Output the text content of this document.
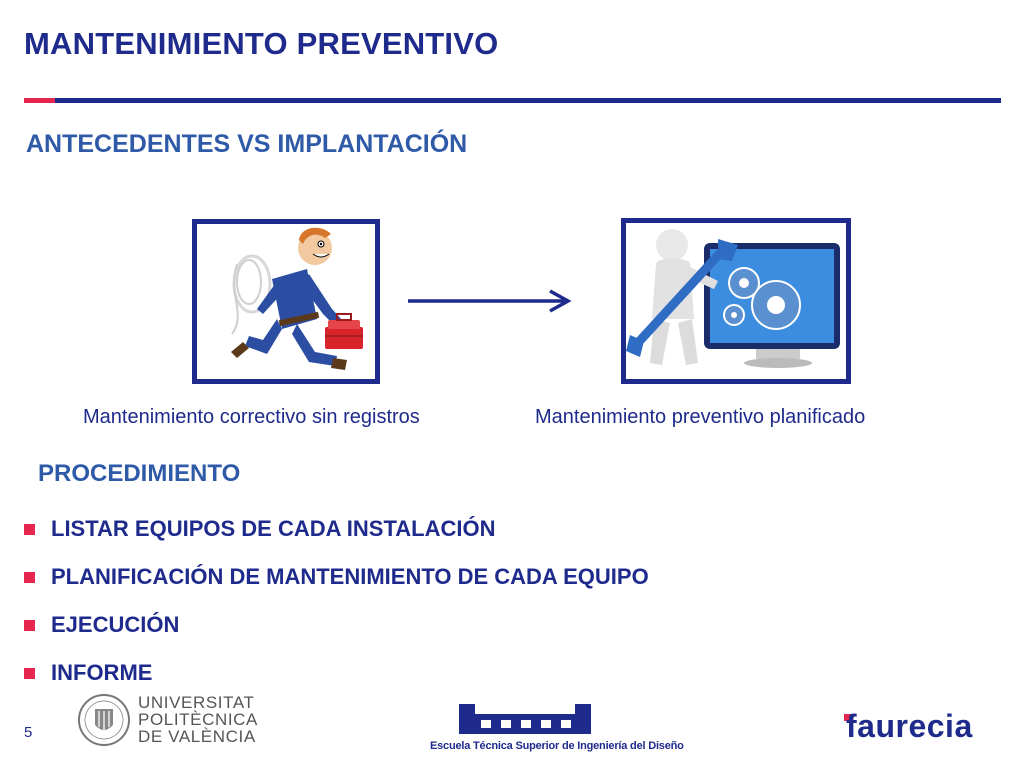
MANTENIMIENTO PREVENTIVO
ANTECEDENTES VS IMPLANTACIÓN
Mantenimiento correctivo sin registros	Mantenimiento preventivo planificado
PROCEDIMIENTO
LISTAR EQUIPOS DE CADA INSTALACIÓN
PLANIFICACIÓN DE MANTENIMIENTO DE CADA EQUIPO
EJECUCIÓN
INFORME
5
UNIVERSITAT
POLITÈCNICA
DE VALÈNCIA	Escuela Técnica Superior de Ingeniería del Diseño
faurecia
